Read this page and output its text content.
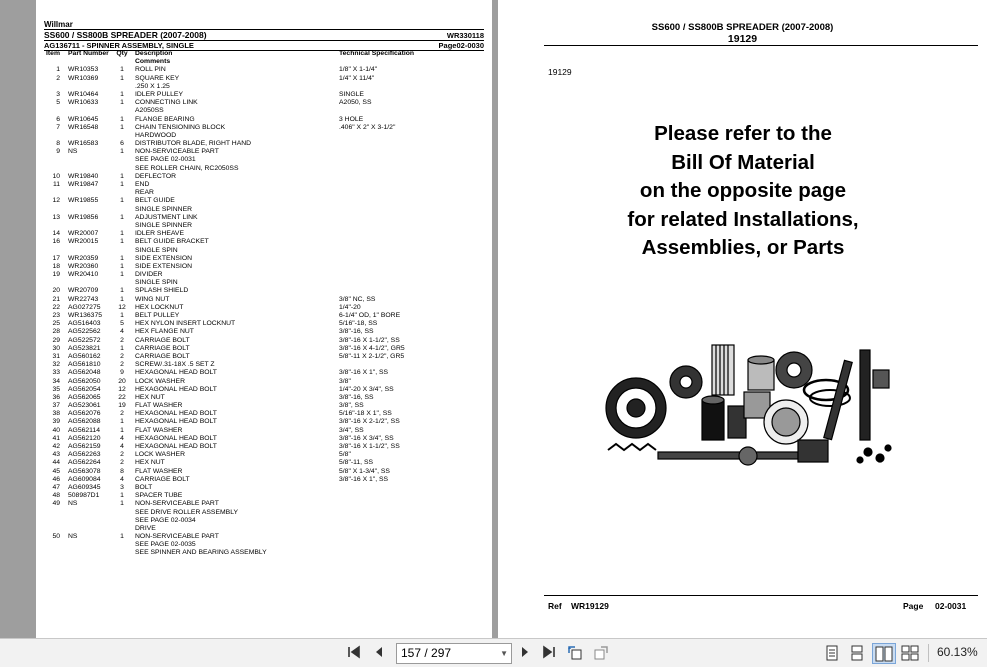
Willmar
SS600 / SS800B SPREADER (2007-2008)	WR330118
AG136711 - SPINNER ASSEMBLY, SINGLE	Page02-0030
Item Part Number Qty Description	Technical Specification
Comments
1 WR10353	1	ROLL PIN	1/8" X 1-1/4"
2 WR10369	1	SQUARE KEY	1/4" X 11/4"
.250 X 1.25
3 WR10464	1	IDLER PULLEY	SINGLE
5 WR10633	1	CONNECTING LINK	A2050, SS
A2050SS
6 WR10645	1	FLANGE BEARING	3 HOLE
7 WR16548	1	CHAIN TENSIONING BLOCK	.406" X 2" X 3-1/2"
HARDWOOD
8 WR16583	6	DISTRIBUTOR BLADE, RIGHT HAND
9 NS	1	NON-SERVICEABLE PART
SEE PAGE 02-0031
SEE ROLLER CHAIN, RC2050SS
10 WR19840	1	DEFLECTOR
11 WR19847	1	END
REAR
12 WR19855	1	BELT GUIDE
SINGLE SPINNER
13 WR19856	1	ADJUSTMENT LINK
SINGLE SPINNER
14 WR20007	1	IDLER SHEAVE
16 WR20015	1	BELT GUIDE BRACKET
SINGLE SPIN
17 WR20359	1	SIDE EXTENSION
18 WR20360	1	SIDE EXTENSION
19 WR20410	1	DIVIDER
SINGLE SPIN
20 WR20709	1	SPLASH SHIELD
21 WR22743	1	WING NUT	3/8" NC, SS
22 AG027275	12	HEX LOCKNUT	1/4"-20
23 WR136375	1	BELT PULLEY	6-1/4" OD, 1" BORE
25 AG516403	5	HEX NYLON INSERT LOCKNUT	5/16"-18, SS
28 AG522562	4	HEX FLANGE NUT	3/8"-16, SS
29 AG522572	2	CARRIAGE BOLT	3/8"-16 X 1-1/2", SS
30 AG523821	1	CARRIAGE BOLT	3/8"-16 X 4-1/2", GR5
31 AG560162	2	CARRIAGE BOLT	5/8"-11 X 2-1/2", GR5
32 AG561810	2	SCREW/.31-18X .5 SET Z
33 AG562048	9	HEXAGONAL HEAD BOLT	3/8"-16 X 1", SS
34 AG562050	20	LOCK WASHER	3/8"
35 AG562054	12	HEXAGONAL HEAD BOLT	1/4"-20 X 3/4", SS
36 AG562065	22	HEX NUT	3/8"-16, SS
37 AG523061	19	FLAT WASHER	3/8", SS
38 AG562076	2	HEXAGONAL HEAD BOLT	5/16"-18 X 1", SS
39 AG562088	1	HEXAGONAL HEAD BOLT	3/8"-16 X 2-1/2", SS
40 AG562114	1	FLAT WASHER	3/4", SS
41 AG562120	4	HEXAGONAL HEAD BOLT	3/8"-16 X 3/4", SS
42 AG562159	4	HEXAGONAL HEAD BOLT	3/8"-16 X 1-1/2", SS
43 AG562263	2	LOCK WASHER	5/8"
44 AG562264	2	HEX NUT	5/8"-11, SS
45 AG563078	8	FLAT WASHER	5/8" X 1-3/4", SS
46 AG609084	4	CARRIAGE BOLT	3/8"-16 X 1", SS
47 AG609345	3	BOLT
48 508987D1	1	SPACER TUBE
49 NS	1	NON-SERVICEABLE PART
SEE DRIVE ROLLER ASSEMBLY
SEE PAGE 02-0034
DRIVE
50 NS	1	NON-SERVICEABLE PART
SEE PAGE 02-0035
SEE SPINNER AND BEARING ASSEMBLY
SS600 / SS800B SPREADER (2007-2008)
19129
19129
Please refer to the
Bill Of Material
on the opposite page
for related Installations,
Assemblies, or Parts
Ref WR19129	Page 02-0031
157 / 297	▼	60.13%
